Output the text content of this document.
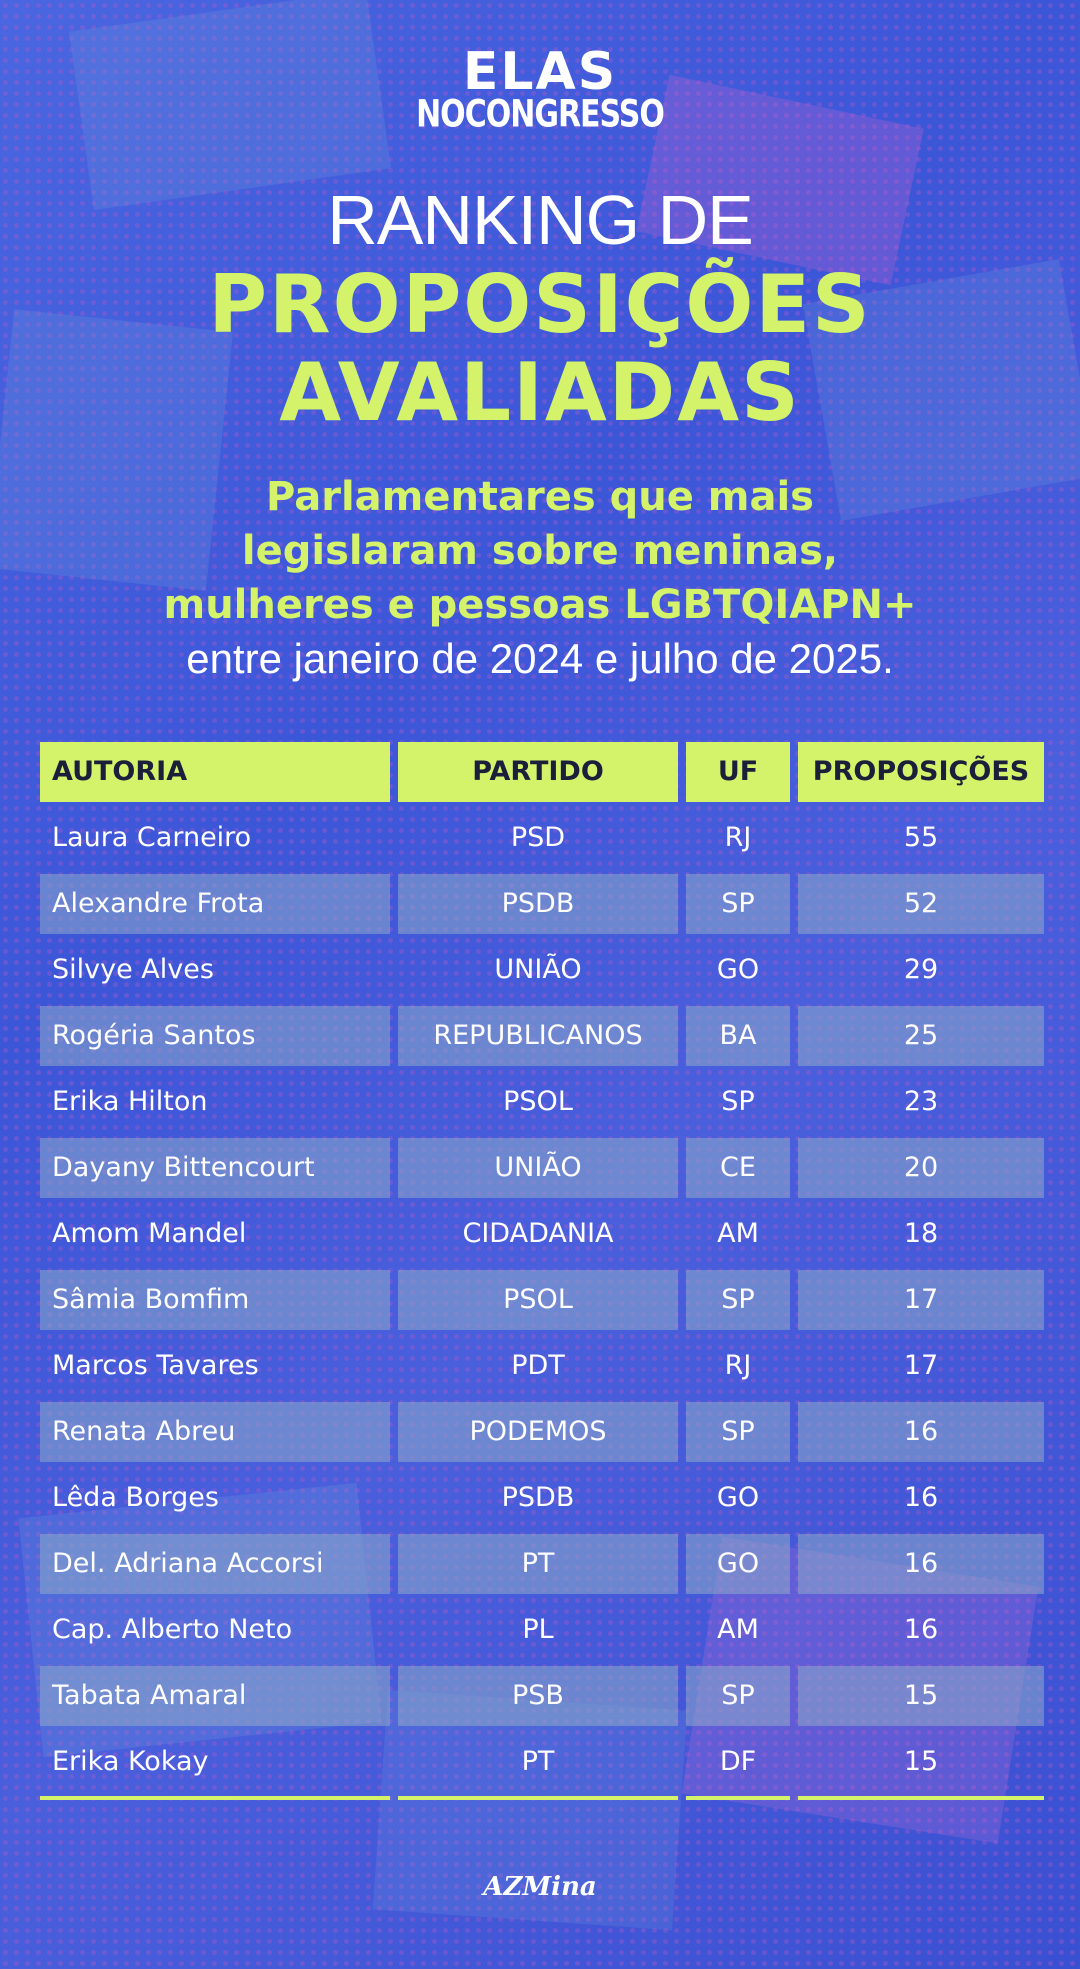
ELAS
NOCONGRESSO
RANKING DE
PROPOSIÇÕES
AVALIADAS
Parlamentares que mais
legislaram sobre meninas,
mulheres e pessoas LGBTQIAPN+
entre janeiro de 2024 e julho de 2025.
AUTORIA	PARTIDO	UF	PROPOSIÇÕES
Laura Carneiro	PSD	RJ	55
Alexandre Frota	PSDB	SP	52
Silvye Alves	UNIÃO	GO	29
Rogéria Santos	REPUBLICANOS	BA	25
Erika Hilton	PSOL	SP	23
Dayany Bittencourt	UNIÃO	CE	20
Amom Mandel	CIDADANIA	AM	18
Sâmia Bomfim	PSOL	SP	17
Marcos Tavares	PDT	RJ	17
Renata Abreu	PODEMOS	SP	16
Lêda Borges	PSDB	GO	16
Del. Adriana Accorsi	PT	GO	16
Cap. Alberto Neto	PL	AM	16
Tabata Amaral	PSB	SP	15
Erika Kokay	PT	DF	15
AZMina
